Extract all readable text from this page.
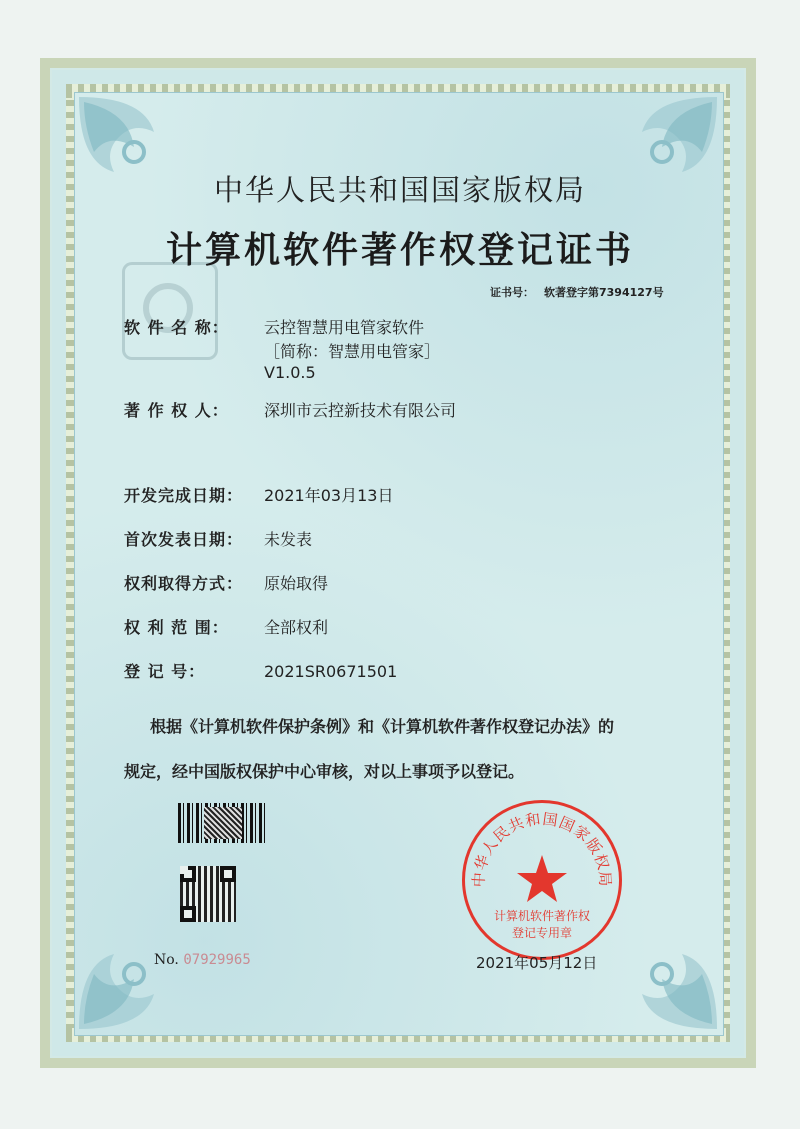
中华人民共和国国家版权局
计算机软件著作权登记证书
证书号： 软著登字第7394127号
软 件 名 称： 云控智慧用电管家软件
［简称：智慧用电管家］
V1.0.5
著 作 权 人： 深圳市云控新技术有限公司
开发完成日期： 2021年03月13日
首次发表日期： 未发表
权利取得方式： 原始取得
权 利 范 围： 全部权利
登 记 号：	2021SR0671501
根据《计算机软件保护条例》和《计算机软件著作权登记办法》的
规定，经中国版权保护中心审核，对以上事项予以登记。
No. 07929965
中华人民共和国国家版权局
计算机软件著作权
登记专用章
2021年05月12日
